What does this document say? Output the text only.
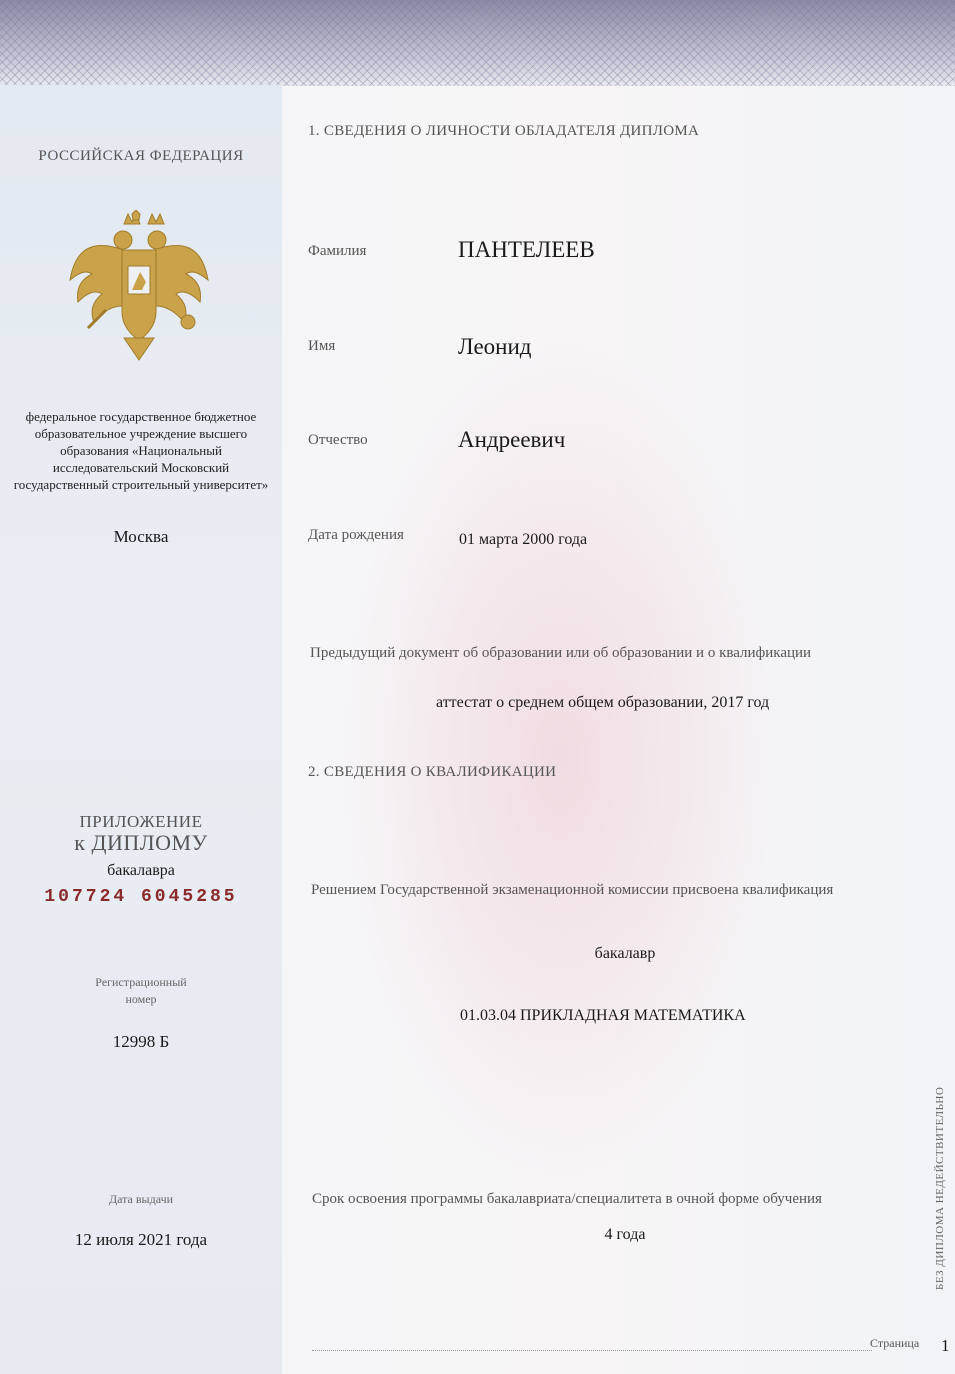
РОССИЙСКАЯ ФЕДЕРАЦИЯ
федеральное государственное бюджетное образовательное учреждение высшего образования «Национальный исследовательский Московский государственный строительный университет»
Москва
ПРИЛОЖЕНИЕ
к ДИПЛОМУ
бакалавра
107724 6045285
Регистрационный номер
12998 Б
Дата выдачи
12 июля 2021 года
1. СВЕДЕНИЯ О ЛИЧНОСТИ ОБЛАДАТЕЛЯ ДИПЛОМА
Фамилия	ПАНТЕЛЕЕВ
Имя	Леонид
Отчество	Андреевич
Дата рождения	01 марта 2000 года
Предыдущий документ об образовании или об образовании и о квалификации
аттестат о среднем общем образовании, 2017 год
2. СВЕДЕНИЯ О КВАЛИФИКАЦИИ
Решением Государственной экзаменационной комиссии присвоена квалификация
бакалавр
01.03.04 ПРИКЛАДНАЯ МАТЕМАТИКА
Срок освоения программы бакалавриата/специалитета в очной форме обучения
4 года	БЕЗ ДИПЛОМА НЕДЕЙСТВИТЕЛЬНО
Страница 1
